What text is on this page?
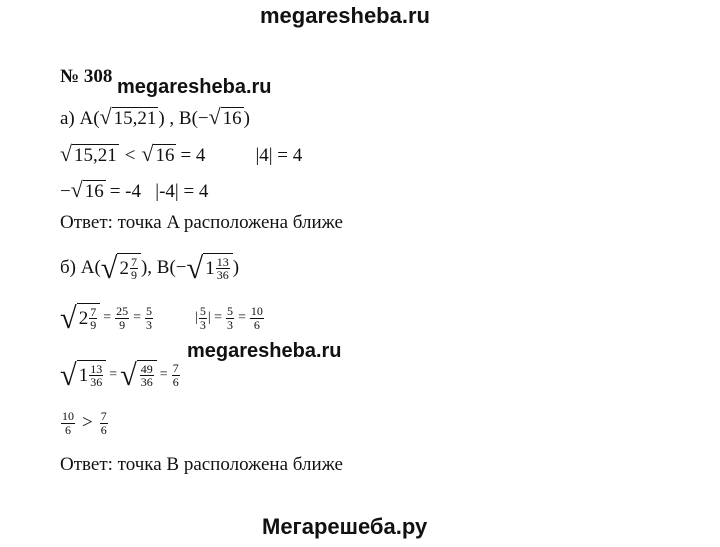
megaresheba.ru
№ 308 megaresheba.ru
а) A( √ 15,21 ) , B(− √ 16 )
√ 15,21 < √ 16 = 4	|4| = 4
− √ 16 = -4   |-4| = 4
Ответ: точка A расположена ближе
б) A( √ $2 \frac{7}{9}$ ), B(− √ $1 \frac{13}{36}$ )
√ $2 \frac{7}{9} = \frac{25}{9} = \frac{5}{3}$	| $\frac{5}{3}$ | = $\frac{5}{3} = \frac{10}{6}$
megaresheba.ru
√ $1 \frac{13}{36}$ = √ $\frac{49}{36} = \frac{7}{6}$
$\frac{10}{6} > \frac{7}{6}$
Ответ: точка B расположена ближе
Мегарешеба.ру
